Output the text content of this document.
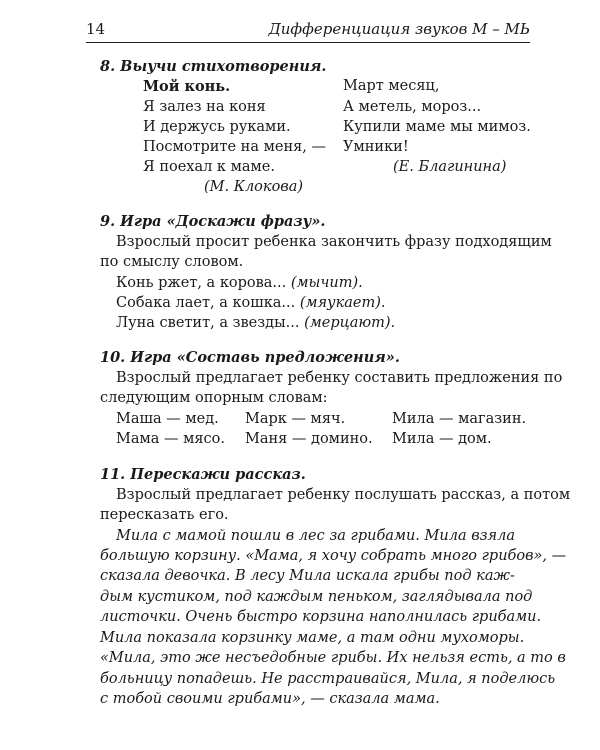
14	Дифференциация звуков М – МЬ
8. Выучи стихотворения.
Мой конь.
Я залез на коня
И держусь руками.
Посмотрите на меня, —
Я поехал к маме.
(М. Клокова)
Март месяц,
А метель, мороз...
Купили маме мы мимоз.
Умники!
(Е. Благинина)
9. Игра «Доскажи фразу».
Взрослый просит ребенка закончить фразу подходящим
по смыслу словом.
Конь ржет, а корова... (мычит).
Собака лает, а кошка... (мяукает).
Луна светит, а звезды... (мерцают).
10. Игра «Составь предложения».
Взрослый предлагает ребенку составить предложения по
следующим опорным словам:
Маша — мед. Марк — мяч.	Мила — магазин.
Мама — мясо. Маня — домино. Мила — дом.
11. Перескажи рассказ.
Взрослый предлагает ребенку послушать рассказ, а потом
пересказать его.
Мила с мамой пошли в лес за грибами. Мила взяла
большую корзину. «Мама, я хочу собрать много грибов», —
сказала девочка. В лесу Мила искала грибы под каж-
дым кустиком, под каждым пеньком, заглядывала под
листочки. Очень быстро корзина наполнилась грибами.
Мила показала корзинку маме, а там одни мухоморы.
«Мила, это же несъедобные грибы. Их нельзя есть, а то в
больницу попадешь. Не расстраивайся, Мила, я поделюсь
с тобой своими грибами», — сказала мама.
